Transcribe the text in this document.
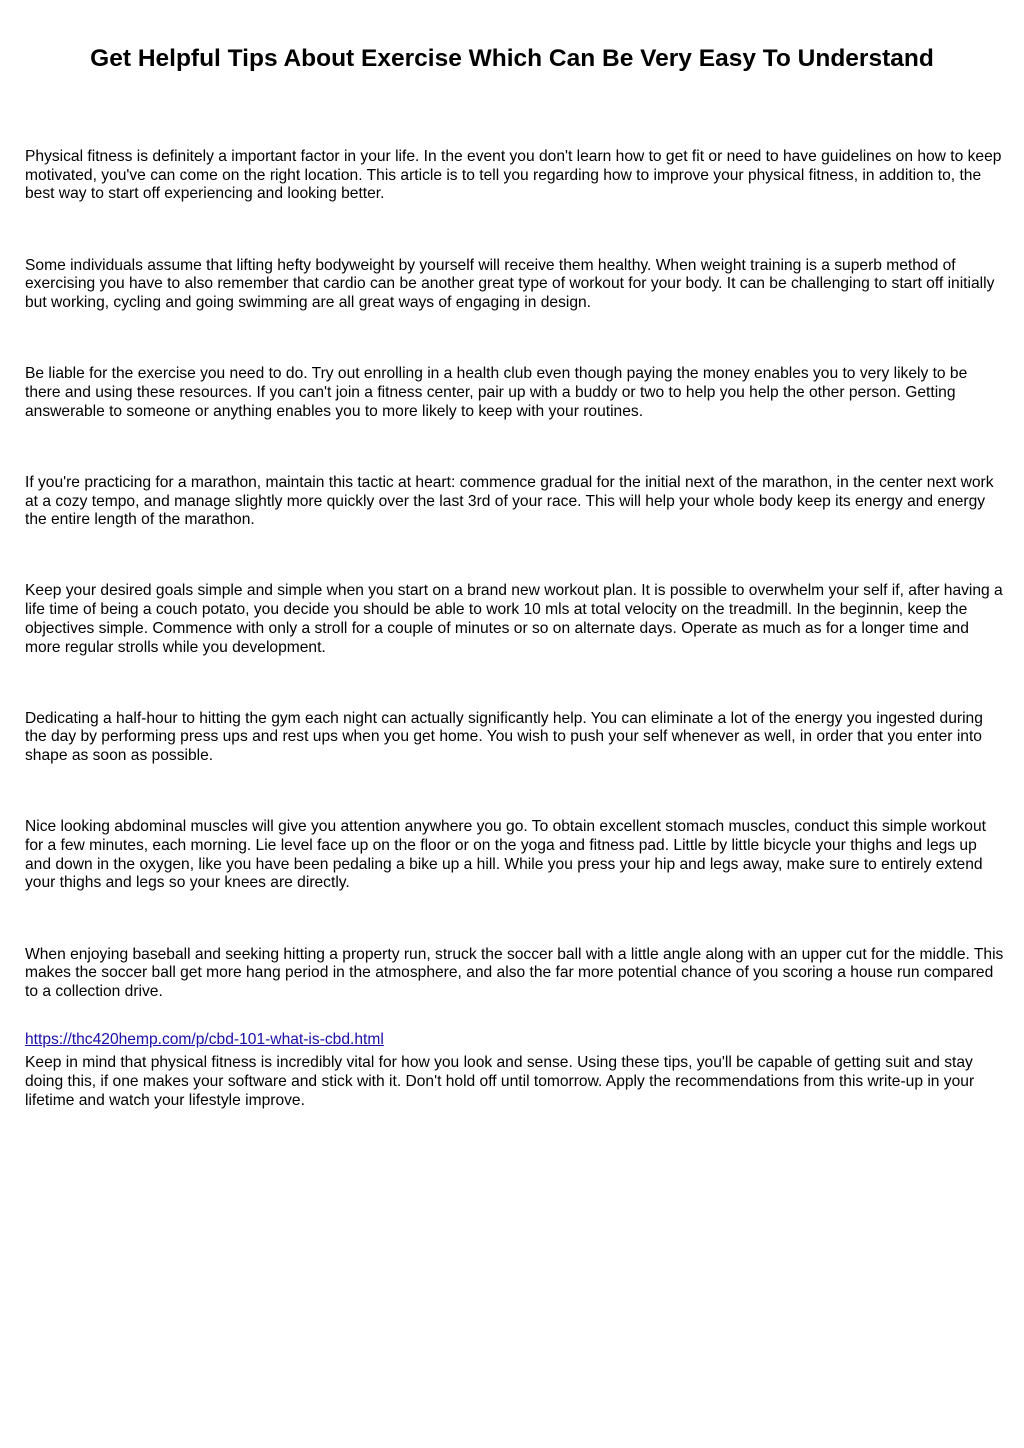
Get Helpful Tips About Exercise Which Can Be Very Easy To Understand

Physical fitness is definitely a important factor in your life. In the event you don't learn how to get fit or need to have guidelines on how to keep motivated, you've can come on the right location. This article is to tell you regarding how to improve your physical fitness, in addition to, the best way to start off experiencing and looking better.

Some individuals assume that lifting hefty bodyweight by yourself will receive them healthy. When weight training is a superb method of exercising you have to also remember that cardio can be another great type of workout for your body. It can be challenging to start off initially but working, cycling and going swimming are all great ways of engaging in design.

Be liable for the exercise you need to do. Try out enrolling in a health club even though paying the money enables you to very likely to be there and using these resources. If you can't join a fitness center, pair up with a buddy or two to help you help the other person. Getting answerable to someone or anything enables you to more likely to keep with your routines.

If you're practicing for a marathon, maintain this tactic at heart: commence gradual for the initial next of the marathon, in the center next work at a cozy tempo, and manage slightly more quickly over the last 3rd of your race. This will help your whole body keep its energy and energy the entire length of the marathon.

Keep your desired goals simple and simple when you start on a brand new workout plan. It is possible to overwhelm your self if, after having a life time of being a couch potato, you decide you should be able to work 10 mls at total velocity on the treadmill. In the beginnin, keep the objectives simple. Commence with only a stroll for a couple of minutes or so on alternate days. Operate as much as for a longer time and more regular strolls while you development.

Dedicating a half-hour to hitting the gym each night can actually significantly help. You can eliminate a lot of the energy you ingested during the day by performing press ups and rest ups when you get home. You wish to push your self whenever as well, in order that you enter into shape as soon as possible.

Nice looking abdominal muscles will give you attention anywhere you go. To obtain excellent stomach muscles, conduct this simple workout for a few minutes, each morning. Lie level face up on the floor or on the yoga and fitness pad. Little by little bicycle your thighs and legs up and down in the oxygen, like you have been pedaling a bike up a hill. While you press your hip and legs away, make sure to entirely extend your thighs and legs so your knees are directly.

When enjoying baseball and seeking hitting a property run, struck the soccer ball with a little angle along with an upper cut for the middle. This makes the soccer ball get more hang period in the atmosphere, and also the far more potential chance of you scoring a house run compared to a collection drive.

Keep in mind that physical fitness is incredibly vital for how you look and sense. Using these tips, you'll be capable of getting suit and stay doing this, if one makes your software and stick with it. Don't hold off until tomorrow. Apply the recommendations from this write-up in your lifetime and watch your lifestyle improve.

https://thc420hemp.com/p/cbd-101-what-is-cbd.html
